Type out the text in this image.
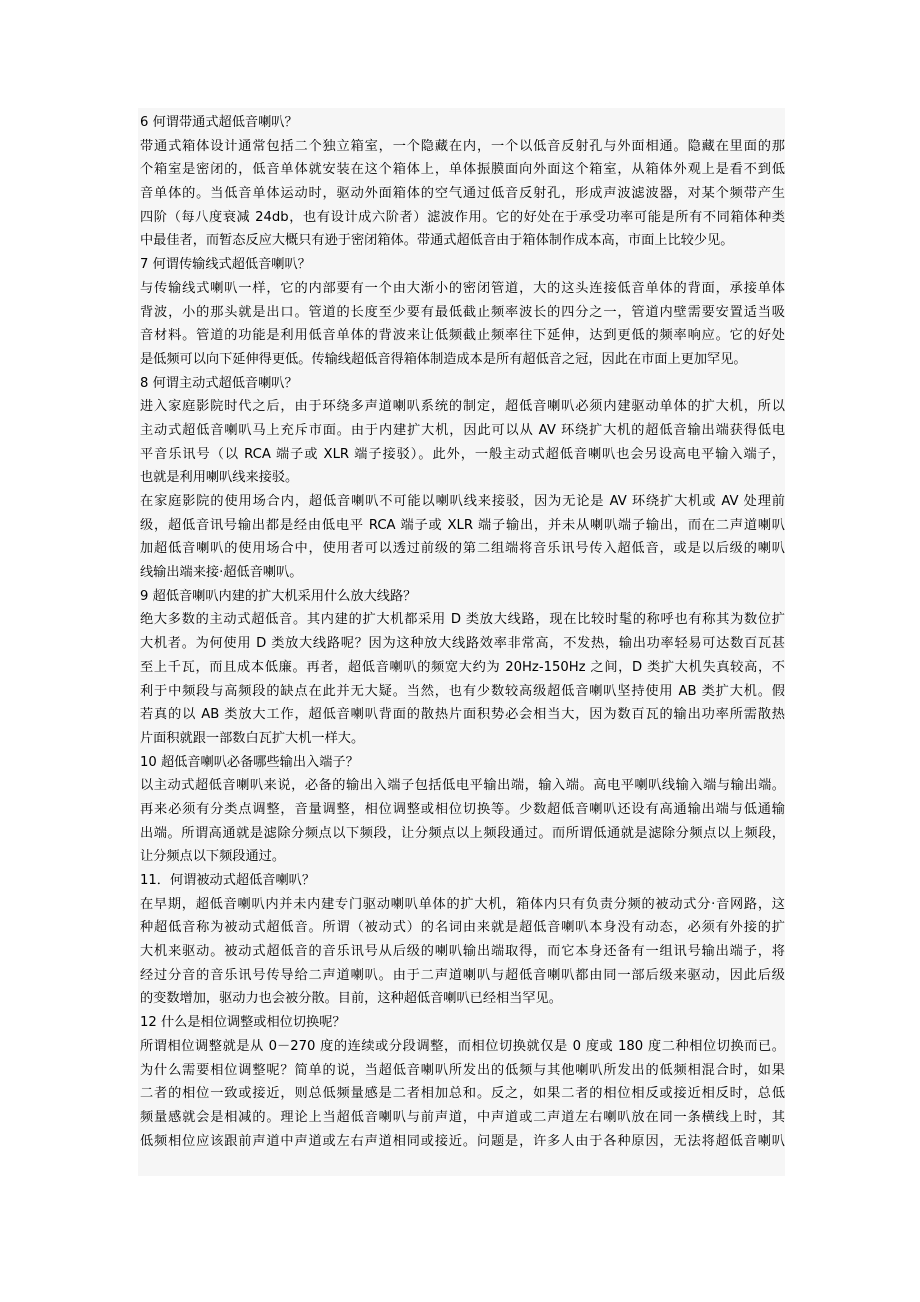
6 何谓带通式超低音喇叭？
带通式箱体设计通常包括二个独立箱室，一个隐藏在内，一个以低音反射孔与外面相通。隐藏在里面的那
个箱室是密闭的，低音单体就安装在这个箱体上，单体振膜面向外面这个箱室，从箱体外观上是看不到低
音单体的。当低音单体运动时，驱动外面箱体的空气通过低音反射孔，形成声波滤波器，对某个频带产生
四阶（每八度衰减 24db，也有设计成六阶者）滤波作用。它的好处在于承受功率可能是所有不同箱体种类
中最佳者，而暂态反应大概只有逊于密闭箱体。带通式超低音由于箱体制作成本高，市面上比较少见。
7 何谓传输线式超低音喇叭？
与传输线式喇叭一样，它的内部要有一个由大渐小的密闭管道，大的这头连接低音单体的背面，承接单体
背波，小的那头就是出口。管道的长度至少要有最低截止频率波长的四分之一，管道内壁需要安置适当吸
音材料。管道的功能是利用低音单体的背波来让低频截止频率往下延伸，达到更低的频率响应。它的好处
是低频可以向下延伸得更低。传输线超低音得箱体制造成本是所有超低音之冠，因此在市面上更加罕见。
8 何谓主动式超低音喇叭？
进入家庭影院时代之后，由于环绕多声道喇叭系统的制定，超低音喇叭必须内建驱动单体的扩大机，所以
主动式超低音喇叭马上充斥市面。由于内建扩大机，因此可以从 AV 环绕扩大机的超低音输出端获得低电
平音乐讯号（以 RCA 端子或 XLR 端子接驳）。此外，一般主动式超低音喇叭也会另设高电平输入端子，
也就是利用喇叭线来接驳。
在家庭影院的使用场合内，超低音喇叭不可能以喇叭线来接驳，因为无论是 AV 环绕扩大机或 AV 处理前
级，超低音讯号输出都是经由低电平 RCA 端子或 XLR 端子输出，并未从喇叭端子输出，而在二声道喇叭
加超低音喇叭的使用场合中，使用者可以透过前级的第二组端将音乐讯号传入超低音，或是以后级的喇叭
线输出端来接·超低音喇叭。
9 超低音喇叭内建的扩大机采用什么放大线路？
绝大多数的主动式超低音。其内建的扩大机都采用 D 类放大线路，现在比较时髦的称呼也有称其为数位扩
大机者。为何使用 D 类放大线路呢？因为这种放大线路效率非常高，不发热，输出功率轻易可达数百瓦甚
至上千瓦，而且成本低廉。再者，超低音喇叭的频宽大约为 20Hz-150Hz 之间，D 类扩大机失真较高，不
利于中频段与高频段的缺点在此并无大疑。当然，也有少数较高级超低音喇叭坚持使用 AB 类扩大机。假
若真的以 AB 类放大工作，超低音喇叭背面的散热片面积势必会相当大，因为数百瓦的输出功率所需散热
片面积就跟一部数白瓦扩大机一样大。
10 超低音喇叭必备哪些输出入端子？
以主动式超低音喇叭来说，必备的输出入端子包括低电平输出端，输入端。高电平喇叭线输入端与输出端。
再来必须有分类点调整，音量调整，相位调整或相位切换等。少数超低音喇叭还设有高通输出端与低通输
出端。所谓高通就是滤除分频点以下频段，让分频点以上频段通过。而所谓低通就是滤除分频点以上频段，
让分频点以下频段通过。
11．何谓被动式超低音喇叭？
在早期，超低音喇叭内并未内建专门驱动喇叭单体的扩大机，箱体内只有负责分频的被动式分·音网路，这
种超低音称为被动式超低音。所谓（被动式）的名词由来就是超低音喇叭本身没有动态，必须有外接的扩
大机来驱动。被动式超低音的音乐讯号从后级的喇叭输出端取得，而它本身还备有一组讯号输出端子，将
经过分音的音乐讯号传导给二声道喇叭。由于二声道喇叭与超低音喇叭都由同一部后级来驱动，因此后级
的变数增加，驱动力也会被分散。目前，这种超低音喇叭已经相当罕见。
12 什么是相位调整或相位切换呢？
所谓相位调整就是从 0－270 度的连续或分段调整，而相位切换就仅是 0 度或 180 度二种相位切换而已。
为什么需要相位调整呢？简单的说，当超低音喇叭所发出的低频与其他喇叭所发出的低频相混合时，如果
二者的相位一致或接近，则总低频量感是二者相加总和。反之，如果二者的相位相反或接近相反时，总低
频量感就会是相减的。理论上当超低音喇叭与前声道，中声道或二声道左右喇叭放在同一条横线上时，其
低频相位应该跟前声道中声道或左右声道相同或接近。问题是，许多人由于各种原因，无法将超低音喇叭
